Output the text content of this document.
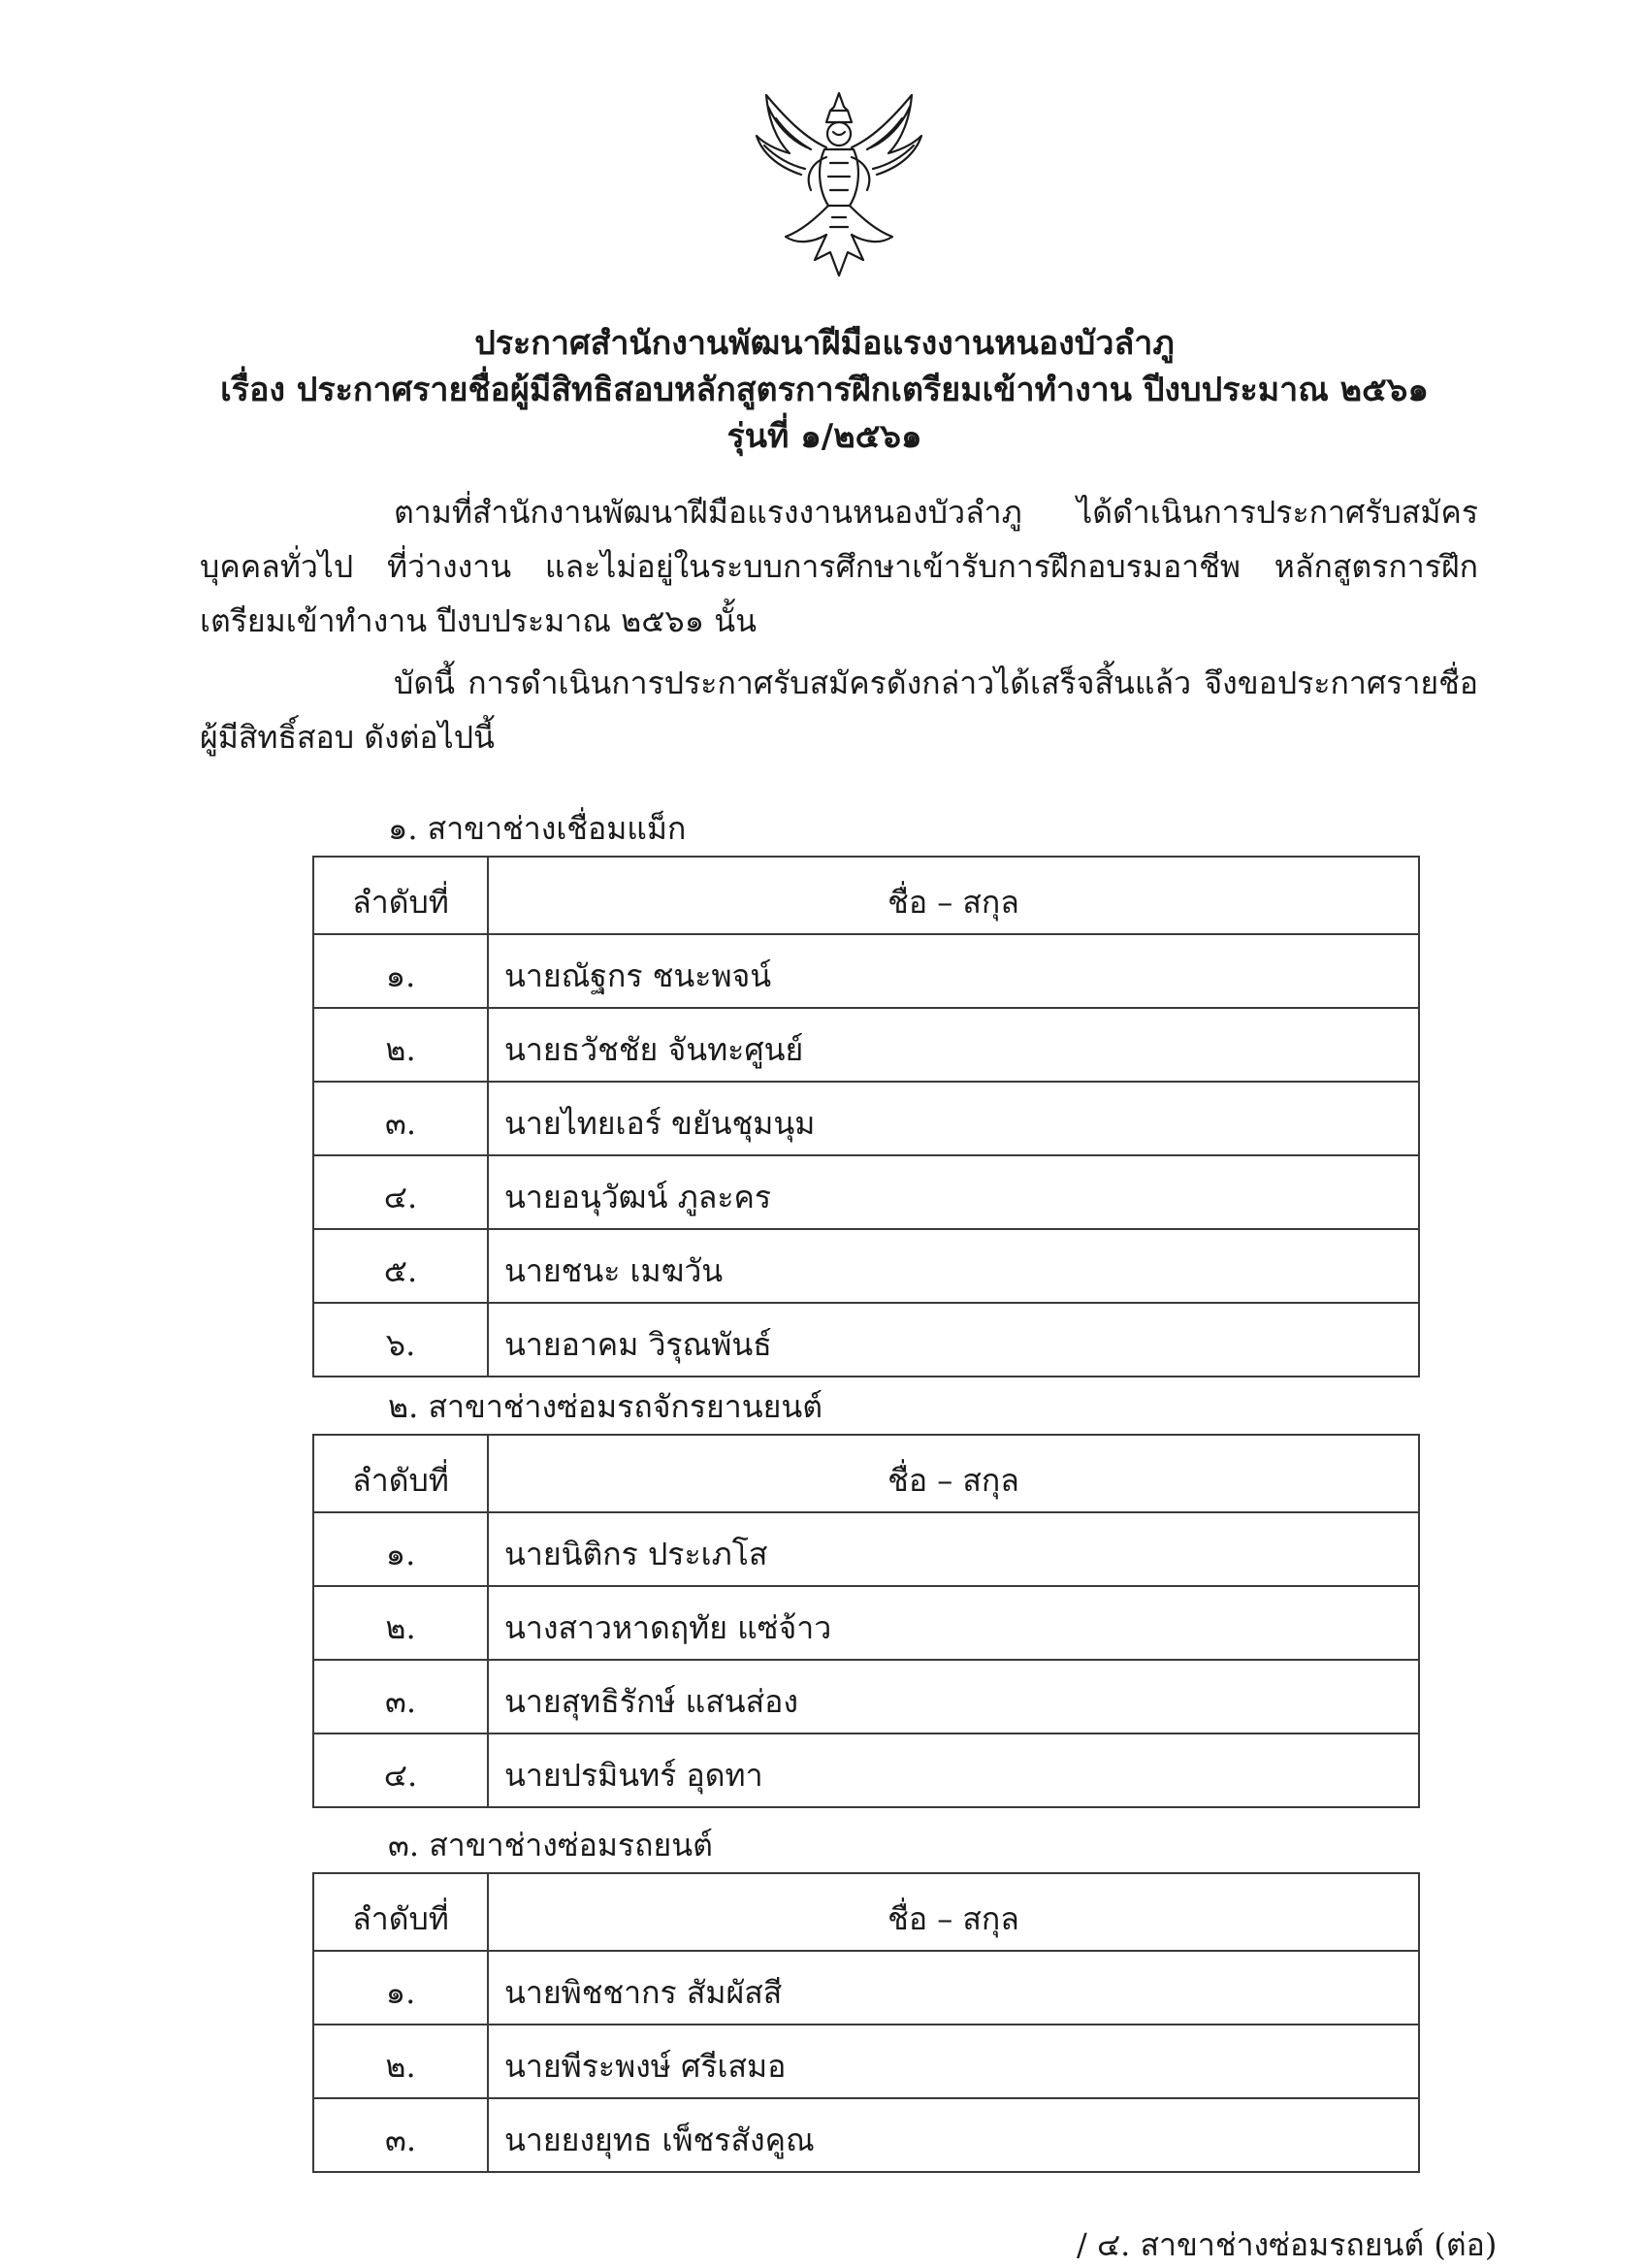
ประกาศสำนักงานพัฒนาฝีมือแรงงานหนองบัวลำภู
เรื่อง ประกาศรายชื่อผู้มีสิทธิสอบหลักสูตรการฝึกเตรียมเข้าทำงาน ปีงบประมาณ ๒๕๖๑
รุ่นที่ ๑/๒๕๖๑
ตามที่สำนักงานพัฒนาฝีมือแรงงานหนองบัวลำภู ได้ดำเนินการประกาศรับสมัครบุคคลทั่วไป ที่ว่างงาน และไม่อยู่ในระบบการศึกษาเข้ารับการฝึกอบรมอาชีพ หลักสูตรการฝึกเตรียมเข้าทำงาน ปีงบประมาณ ๒๕๖๑ นั้น
บัดนี้ การดำเนินการประกาศรับสมัครดังกล่าวได้เสร็จสิ้นแล้ว จึงขอประกาศรายชื่อ ผู้มีสิทธิ์สอบ ดังต่อไปนี้
๑. สาขาช่างเชื่อมแม็ก
ลำดับที่	ชื่อ – สกุล
๑.	นายณัฐกร ชนะพจน์
๒.	นายธวัชชัย จันทะศูนย์
๓.	นายไทยเอร์ ขยันชุมนุม
๔.	นายอนุวัฒน์ ภูละคร
๕.	นายชนะ เมฆวัน
๖.	นายอาคม วิรุณพันธ์
๒. สาขาช่างซ่อมรถจักรยานยนต์
ลำดับที่	ชื่อ – สกุล
๑.	นายนิติกร ประเภโส
๒.	นางสาวหาดฤทัย แซ่จ้าว
๓.	นายสุทธิรักษ์ แสนส่อง
๔.	นายปรมินทร์ อุดทา
๓. สาขาช่างซ่อมรถยนต์
ลำดับที่	ชื่อ – สกุล
๑.	นายพิชชากร สัมผัสสี
๒.	นายพีระพงษ์ ศรีเสมอ
๓.	นายยงยุทธ เพ็ชรสังคูณ
/ ๔. สาขาช่างซ่อมรถยนต์ (ต่อ)
